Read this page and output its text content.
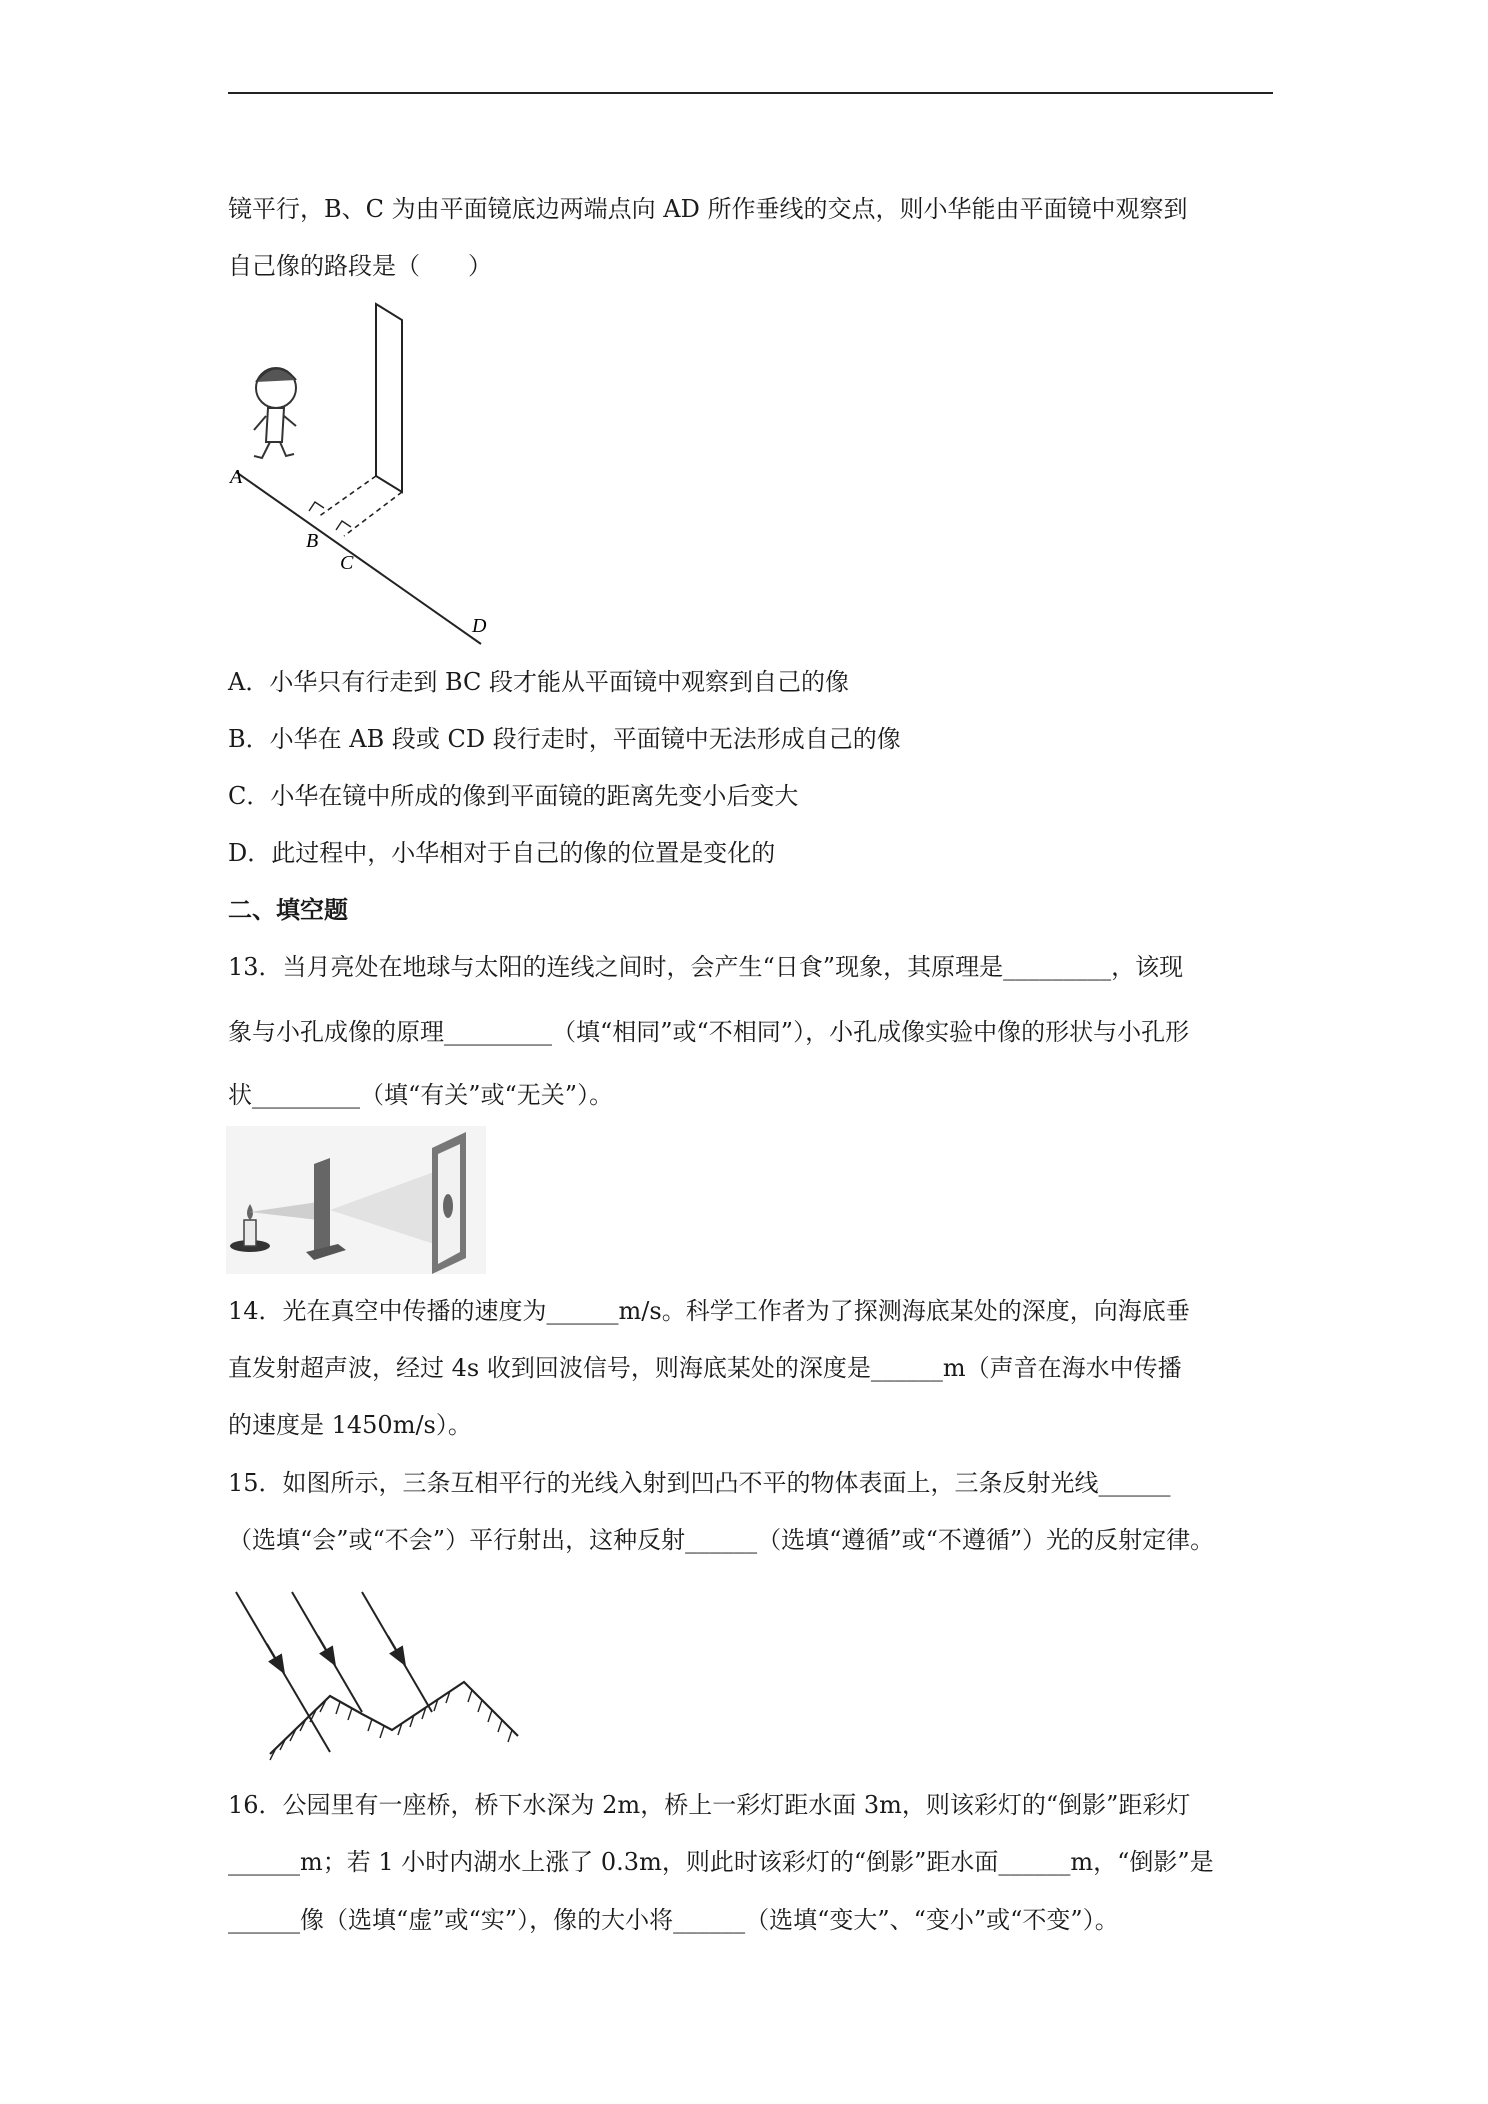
镜平行，B、C 为由平面镜底边两端点向 AD 所作垂线的交点，则小华能由平面镜中观察到
自己像的路段是（　　）
A
B
C
D
A．小华只有行走到 BC 段才能从平面镜中观察到自己的像
B．小华在 AB 段或 CD 段行走时，平面镜中无法形成自己的像
C．小华在镜中所成的像到平面镜的距离先变小后变大
D．此过程中，小华相对于自己的像的位置是变化的
二、填空题
13．当月亮处在地球与太阳的连线之间时，会产生“日食”现象，其原理是_________，该现
象与小孔成像的原理_________（填“相同”或“不相同”），小孔成像实验中像的形状与小孔形
状_________（填“有关”或“无关”）。
14．光在真空中传播的速度为______m/s。科学工作者为了探测海底某处的深度，向海底垂
直发射超声波，经过 4s 收到回波信号，则海底某处的深度是______m（声音在海水中传播
的速度是 1450m/s）。
15．如图所示，三条互相平行的光线入射到凹凸不平的物体表面上，三条反射光线______
（选填“会”或“不会”）平行射出，这种反射______（选填“遵循”或“不遵循”）光的反射定律。
16．公园里有一座桥，桥下水深为 2m，桥上一彩灯距水面 3m，则该彩灯的“倒影”距彩灯
______m；若 1 小时内湖水上涨了 0.3m，则此时该彩灯的“倒影”距水面______m，“倒影”是
______像（选填“虚”或“实”），像的大小将______（选填“变大”、“变小”或“不变”）。
